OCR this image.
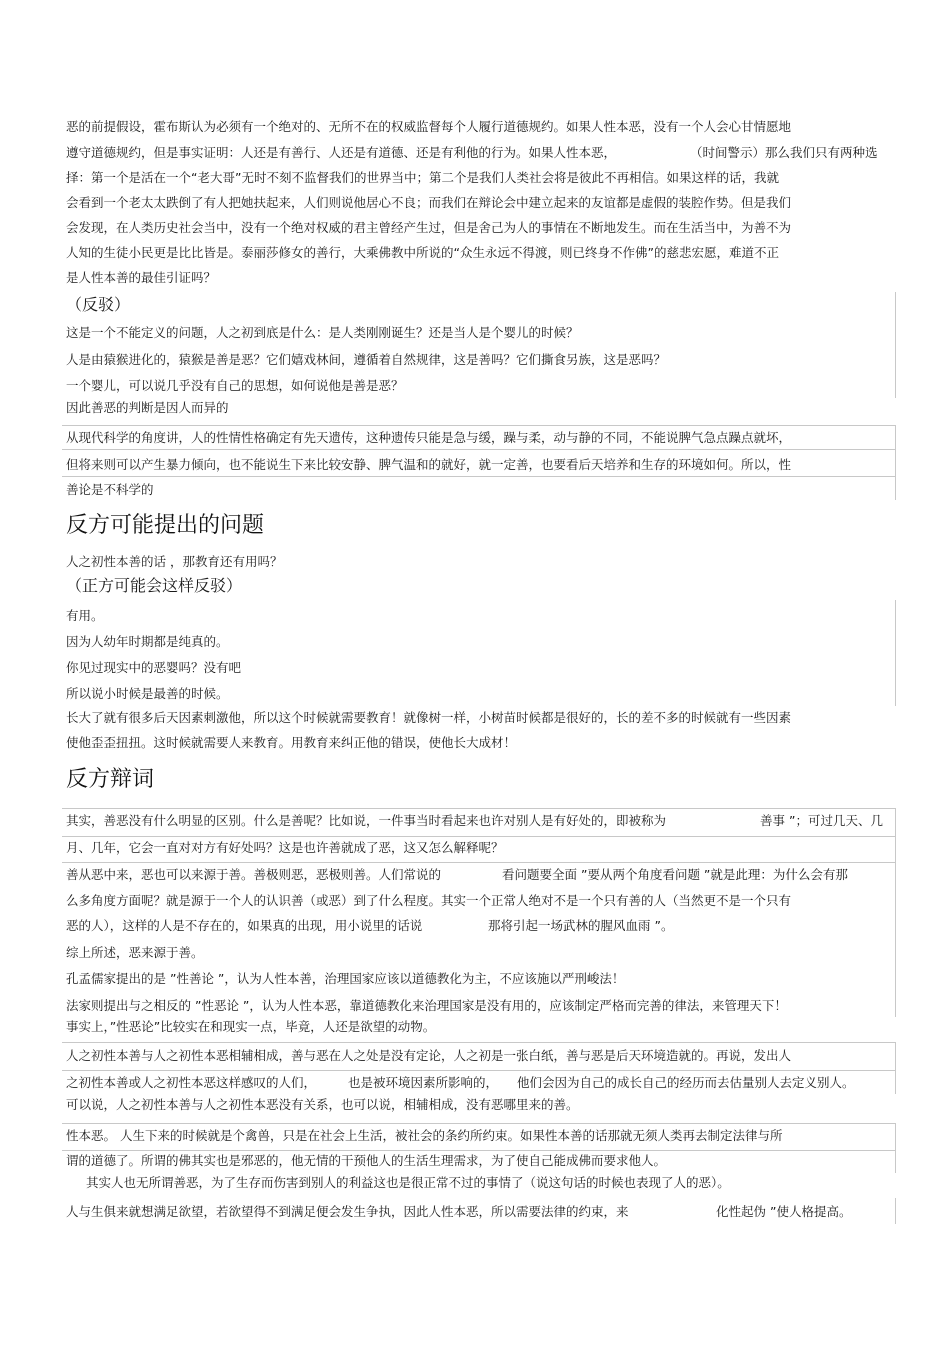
恶的前提假设，霍布斯认为必须有一个绝对的、无所不在的权威监督每个人履行道德规约。如果人性本恶，没有一个人会心甘情愿地
遵守道德规约，但是事实证明：人还是有善行、人还是有道德、还是有利他的行为。如果人性本恶，	（时间警示）那么我们只有两种选
择：第一个是活在一个“老大哥”无时不刻不监督我们的世界当中；第二个是我们人类社会将是彼此不再相信。如果这样的话，我就
会看到一个老太太跌倒了有人把她扶起来，人们则说他居心不良；而我们在辩论会中建立起来的友谊都是虚假的装腔作势。但是我们
会发现，在人类历史社会当中，没有一个绝对权威的君主曾经产生过，但是舍己为人的事情在不断地发生。而在生活当中，为善不为
人知的生徒小民更是比比皆是。泰丽莎修女的善行，大乘佛教中所说的“众生永远不得渡，则已终身不作佛”的慈悲宏愿，难道不正
是人性本善的最佳引证吗？
（反驳）
这是一个不能定义的问题，人之初到底是什么：是人类刚刚诞生？还是当人是个婴儿的时候？
人是由猿猴进化的，猿猴是善是恶？它们嬉戏林间，遵循着自然规律，这是善吗？它们撕食另族，这是恶吗？
一个婴儿，可以说几乎没有自己的思想，如何说他是善是恶？
因此善恶的判断是因人而异的
从现代科学的角度讲，人的性情性格确定有先天遗传，这种遗传只能是急与缓，躁与柔，动与静的不同，不能说脾气急点躁点就坏，
但将来则可以产生暴力倾向，也不能说生下来比较安静、脾气温和的就好，就一定善，也要看后天培养和生存的环境如何。所以，性
善论是不科学的
反方可能提出的问题
人之初性本善的话 ，那教育还有用吗？
（正方可能会这样反驳）
有用。
因为人幼年时期都是纯真的。
你见过现实中的恶婴吗？没有吧
所以说小时候是最善的时候。
长大了就有很多后天因素刺激他，所以这个时候就需要教育！就像树一样，小树苗时候都是很好的，长的差不多的时候就有一些因素
使他歪歪扭扭。这时候就需要人来教育。用教育来纠正他的错误，使他长大成材！
反方辩词
其实，善恶没有什么明显的区别。什么是善呢？比如说，一件事当时看起来也许对别人是有好处的，即被称为	善事 ”；可过几天、几
月、几年，它会一直对对方有好处吗？这是也许善就成了恶，这又怎么解释呢？
善从恶中来，恶也可以来源于善。善极则恶，恶极则善。人们常说的	看问题要全面 ”要从两个角度看问题 ”就是此理：为什么会有那
么多角度方面呢？就是源于一个人的认识善（或恶）到了什么程度。其实一个正常人绝对不是一个只有善的人（当然更不是一个只有
恶的人），这样的人是不存在的，如果真的出现，用小说里的话说	那将引起一场武林的腥风血雨 ”。
综上所述，恶来源于善。
孔孟儒家提出的是 ”性善论 ”，认为人性本善，治理国家应该以道德教化为主，不应该施以严刑峻法！
法家则提出与之相反的 ”性恶论 ”，认为人性本恶，靠道德教化来治理国家是没有用的，应该制定严格而完善的律法，来管理天下！
事实上，”性恶论”比较实在和现实一点，毕竟，人还是欲望的动物。
人之初性本善与人之初性本恶相辅相成，善与恶在人之处是没有定论，人之初是一张白纸，善与恶是后天环境造就的。再说，发出人
之初性本善或人之初性本恶这样感叹的人们，	也是被环境因素所影响的， 他们会因为自己的成长自己的经历而去估量别人去定义别人。
可以说，人之初性本善与人之初性本恶没有关系，也可以说，相辅相成，没有恶哪里来的善。
性本恶。 人生下来的时候就是个禽兽，只是在社会上生活，被社会的条约所约束。如果性本善的话那就无须人类再去制定法律与所
谓的道德了。所谓的佛其实也是邪恶的，他无情的干预他人的生活生理需求，为了使自己能成佛而要求他人。
其实人也无所谓善恶，为了生存而伤害到别人的利益这也是很正常不过的事情了（说这句话的时候也表现了人的恶）。
人与生俱来就想满足欲望，若欲望得不到满足便会发生争执，因此人性本恶，所以需要法律的约束，来	化性起伪 ”使人格提高。
